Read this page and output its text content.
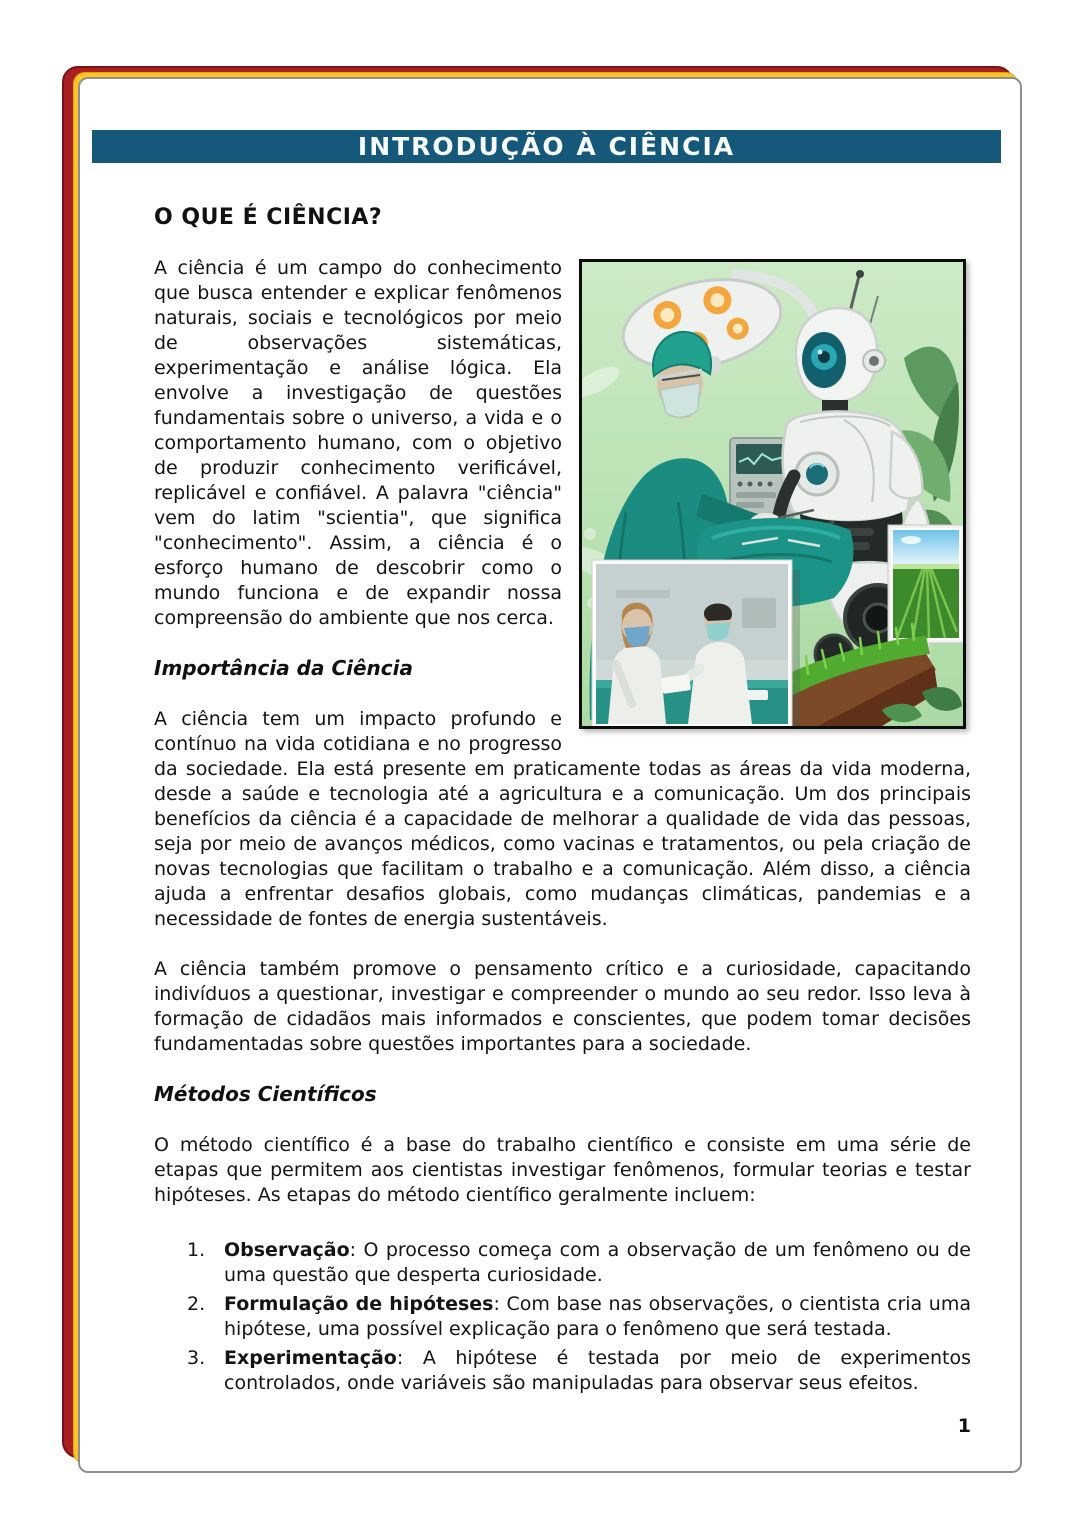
INTRODUÇÃO À CIÊNCIA
O QUE É CIÊNCIA?

A ciência é um campo do conhecimento que busca entender e explicar fenômenos naturais, sociais e tecnológicos por meio de observações sistemáticas, experimentação e análise lógica. Ela envolve a investigação de questões fundamentais sobre o universo, a vida e o comportamento humano, com o objetivo de produzir conhecimento verificável, replicável e confiável. A palavra "ciência" vem do latim "scientia", que significa "conhecimento". Assim, a ciência é o esforço humano de descobrir como o mundo funciona e de expandir nossa compreensão do ambiente que nos cerca.

Importância da Ciência

A ciência tem um impacto profundo e contínuo na vida cotidiana e no progresso da sociedade. Ela está presente em praticamente todas as áreas da vida moderna, desde a saúde e tecnologia até a agricultura e a comunicação. Um dos principais benefícios da ciência é a capacidade de melhorar a qualidade de vida das pessoas, seja por meio de avanços médicos, como vacinas e tratamentos, ou pela criação de novas tecnologias que facilitam o trabalho e a comunicação. Além disso, a ciência ajuda a enfrentar desafios globais, como mudanças climáticas, pandemias e a necessidade de fontes de energia sustentáveis.

A ciência também promove o pensamento crítico e a curiosidade, capacitando indivíduos a questionar, investigar e compreender o mundo ao seu redor. Isso leva à formação de cidadãos mais informados e conscientes, que podem tomar decisões fundamentadas sobre questões importantes para a sociedade.

Métodos Científicos

O método científico é a base do trabalho científico e consiste em uma série de etapas que permitem aos cientistas investigar fenômenos, formular teorias e testar hipóteses. As etapas do método científico geralmente incluem:

1. Observação: O processo começa com a observação de um fenômeno ou de uma questão que desperta curiosidade.

2. Formulação de hipóteses: Com base nas observações, o cientista cria uma hipótese, uma possível explicação para o fenômeno que será testada.

3. Experimentação: A hipótese é testada por meio de experimentos controlados, onde variáveis são manipuladas para observar seus efeitos.

1
